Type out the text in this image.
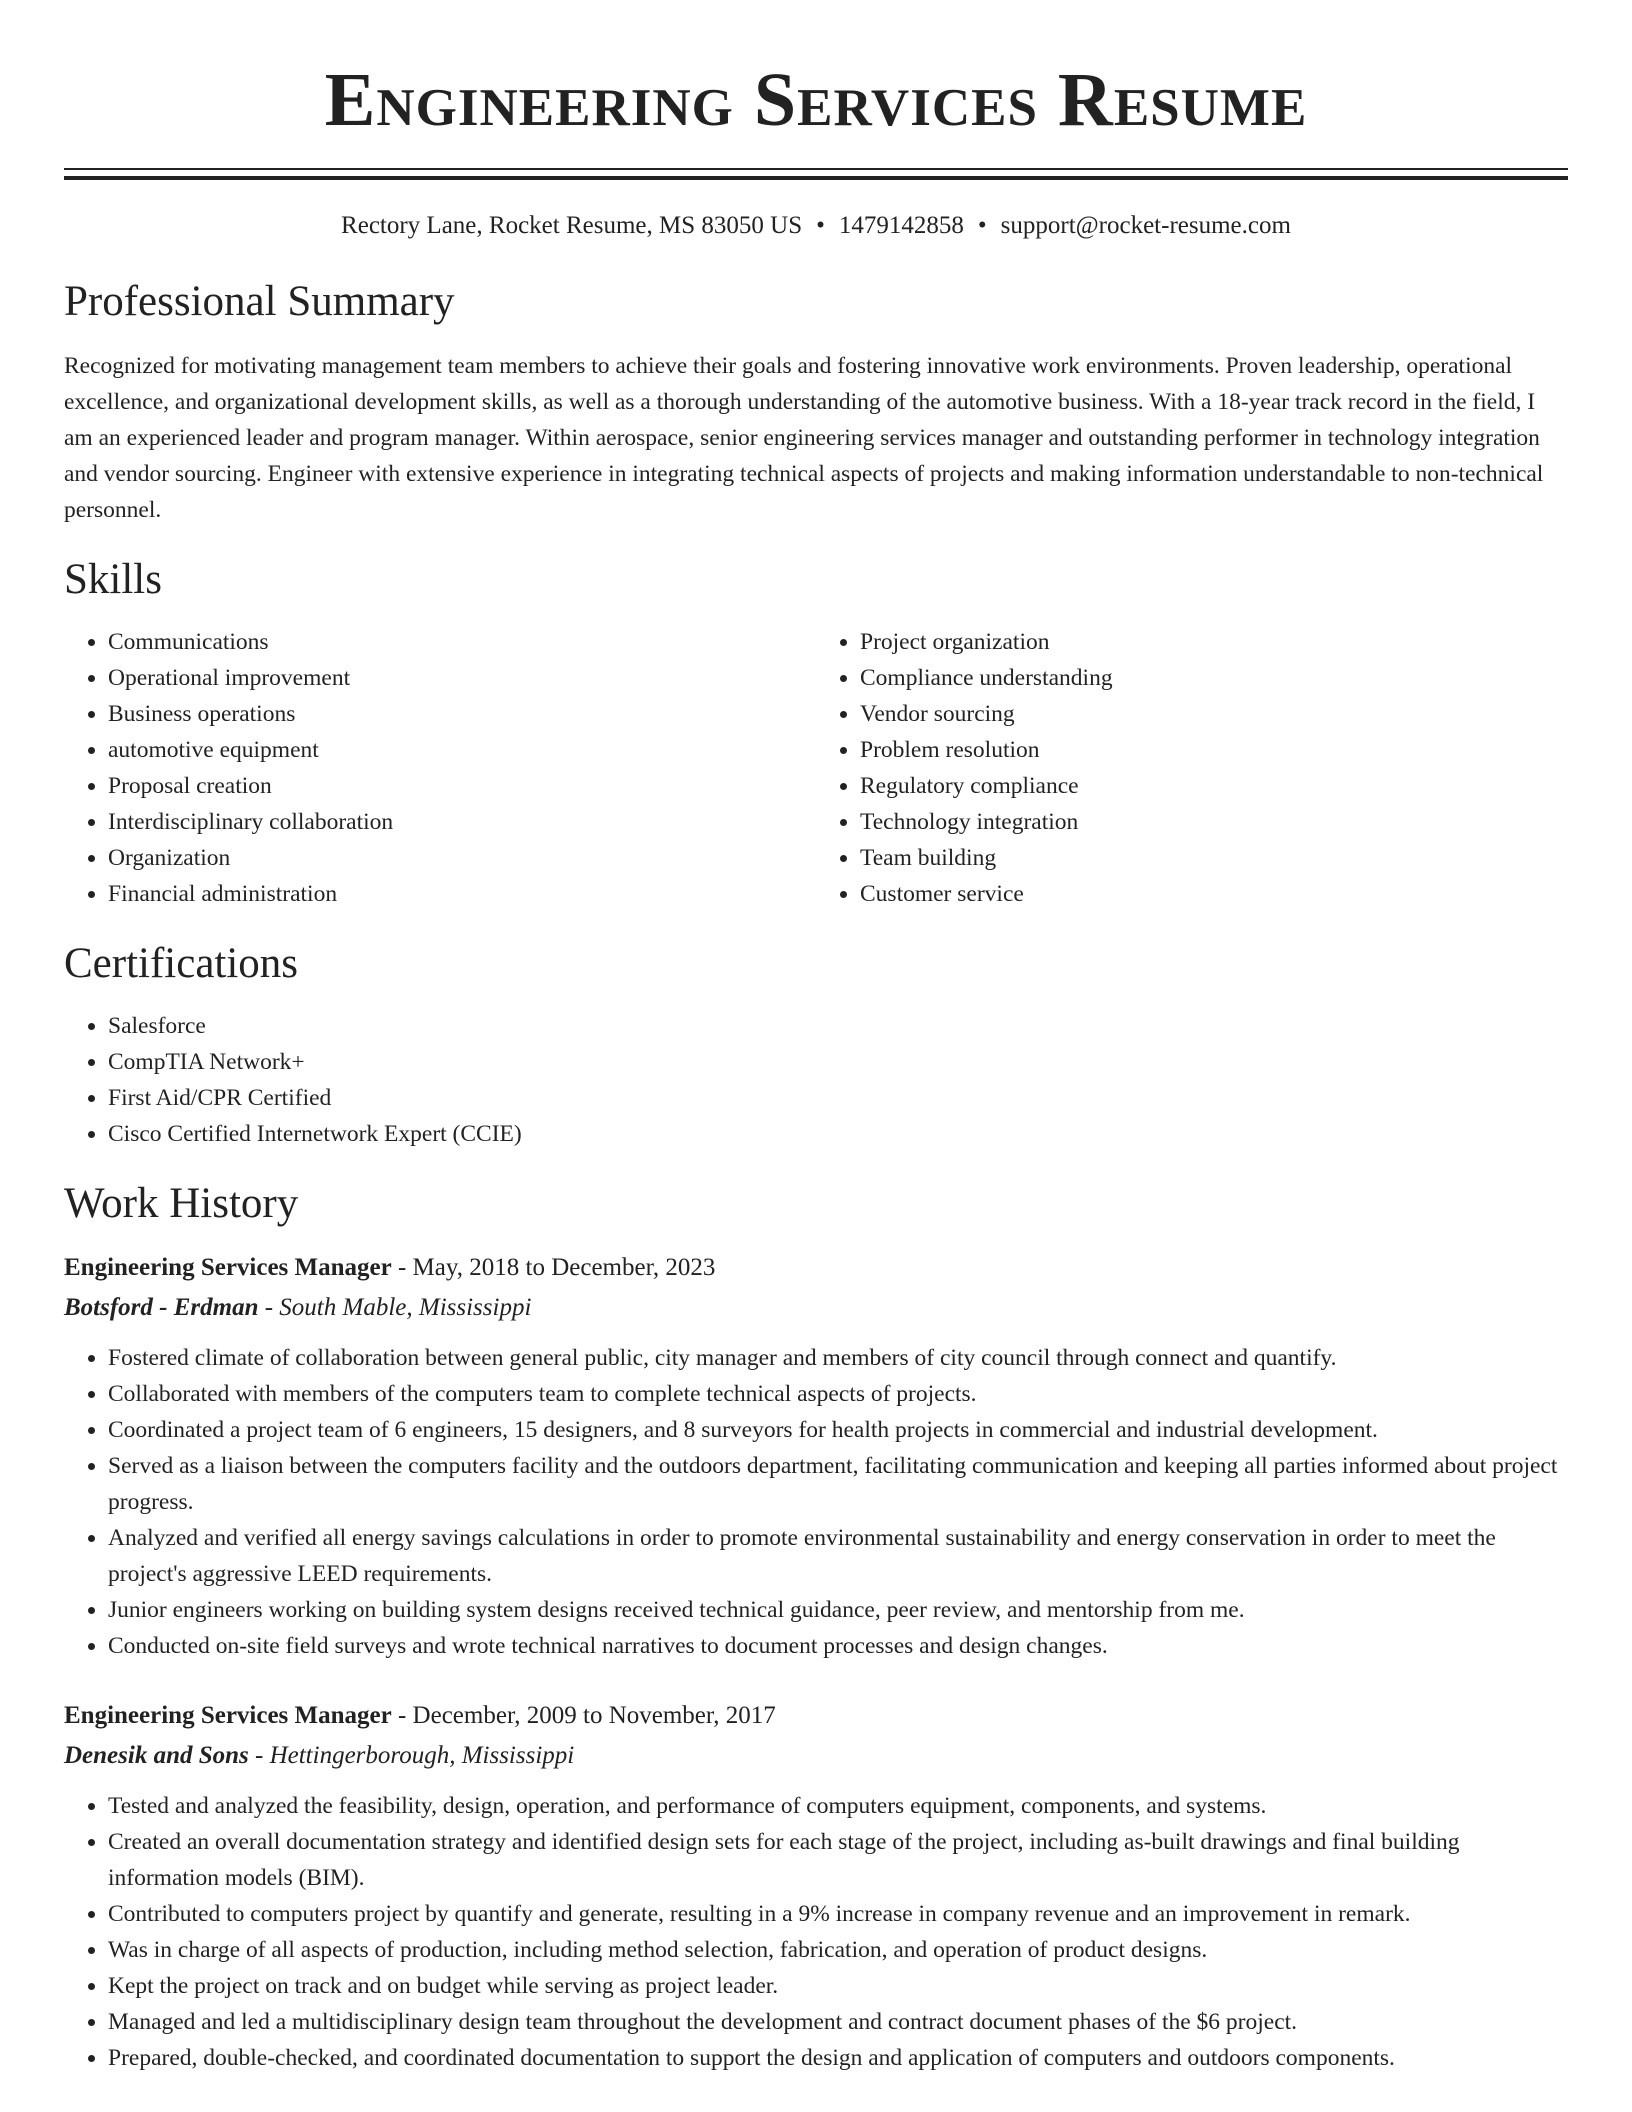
Engineering Services Resume
Rectory Lane, Rocket Resume, MS 83050 US • 1479142858 • support@rocket-resume.com
Professional Summary

Recognized for motivating management team members to achieve their goals and fostering innovative work environments. Proven leadership, operational excellence, and organizational development skills, as well as a thorough understanding of the automotive business. With a 18-year track record in the field, I am an experienced leader and program manager. Within aerospace, senior engineering services manager and outstanding performer in technology integration and vendor sourcing. Engineer with extensive experience in integrating technical aspects of projects and making information understandable to non-technical personnel.

Skills
• Communications
• Operational improvement
• Business operations
• automotive equipment
• Proposal creation
• Interdisciplinary collaboration
• Organization
• Financial administration
• Project organization
• Compliance understanding
• Vendor sourcing
• Problem resolution
• Regulatory compliance
• Technology integration
• Team building
• Customer service
Certifications
• Salesforce
• CompTIA Network+
• First Aid/CPR Certified
• Cisco Certified Internetwork Expert (CCIE)
Work History
Engineering Services Manager - May, 2018 to December, 2023
Botsford - Erdman - South Mable, Mississippi
• Fostered climate of collaboration between general public, city manager and members of city council through connect and quantify.
• Collaborated with members of the computers team to complete technical aspects of projects.
• Coordinated a project team of 6 engineers, 15 designers, and 8 surveyors for health projects in commercial and industrial development.
• Served as a liaison between the computers facility and the outdoors department, facilitating communication and keeping all parties informed about project progress.
• Analyzed and verified all energy savings calculations in order to promote environmental sustainability and energy conservation in order to meet the project's aggressive LEED requirements.
• Junior engineers working on building system designs received technical guidance, peer review, and mentorship from me.
• Conducted on-site field surveys and wrote technical narratives to document processes and design changes.
Engineering Services Manager - December, 2009 to November, 2017
Denesik and Sons - Hettingerborough, Mississippi
• Tested and analyzed the feasibility, design, operation, and performance of computers equipment, components, and systems.
• Created an overall documentation strategy and identified design sets for each stage of the project, including as-built drawings and final building information models (BIM).
• Contributed to computers project by quantify and generate, resulting in a 9% increase in company revenue and an improvement in remark.
• Was in charge of all aspects of production, including method selection, fabrication, and operation of product designs.
• Kept the project on track and on budget while serving as project leader.
• Managed and led a multidisciplinary design team throughout the development and contract document phases of the $6 project.
• Prepared, double-checked, and coordinated documentation to support the design and application of computers and outdoors components.
